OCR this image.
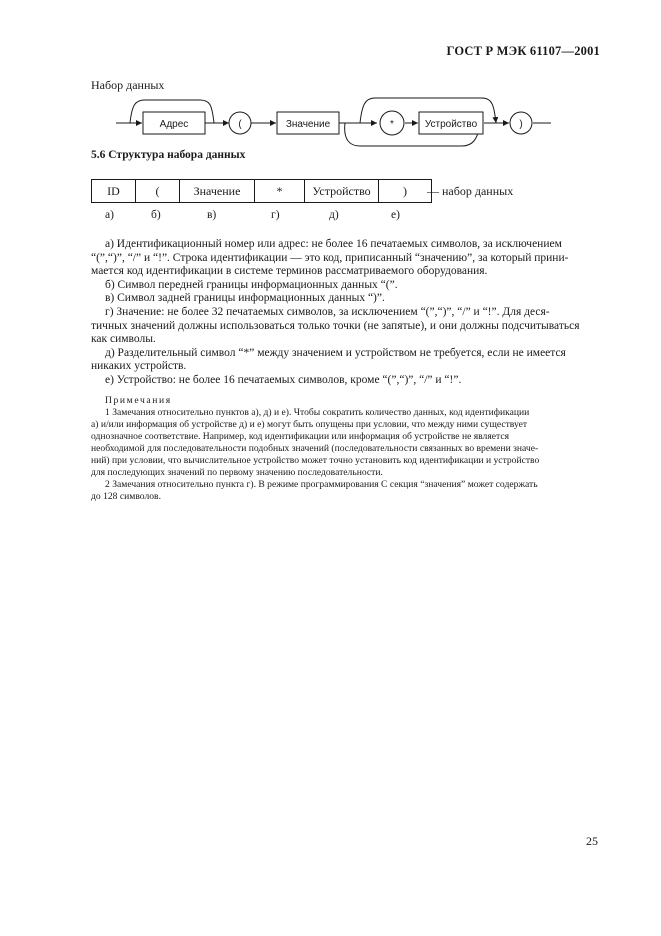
ГОСТ Р МЭК 61107—2001
Набор данных
Адрес	(	Значение	*	Устройство	)
5.6 Структура набора данных
ID	(	Значение	*	Устройство	) — набор данных
а)	б)	в)	г)	д)	е)

а) Идентификационный номер или адрес: не более 16 печатаемых символов, за исключением
“(”,“)”, “/” и “!”. Строка идентификации — это код, приписанный “значению”, за который прини-
мается код идентификации в системе терминов рассматриваемого оборудования.

б) Символ передней границы информационных данных “(”.

в) Символ задней границы информационных данных “)”.

г) Значение: не более 32 печатаемых символов, за исключением “(”,“)”, “/” и “!”. Для деся-
тичных значений должны использоваться только точки (не запятые), и они должны подсчитываться
как символы.

д) Разделительный символ “*” между значением и устройством не требуется, если не имеется
никаких устройств.

е) Устройство: не более 16 печатаемых символов, кроме “(”,“)”, “/” и “!”.

Примечания

1 Замечания относительно пунктов а), д) и е). Чтобы сократить количество данных, код идентификации
а) и/или информация об устройстве д) и е) могут быть опущены при условии, что между ними существует
однозначное соответствие. Например, код идентификации или информация об устройстве не является
необходимой для последовательности подобных значений (последовательности связанных во времени значе-
ний) при условии, что вычислительное устройство может точно установить код идентификации и устройство
для последующих значений по первому значению последовательности.

2 Замечания относительно пункта г). В режиме программирования С секция “значения” может содержать
до 128 символов.

25
